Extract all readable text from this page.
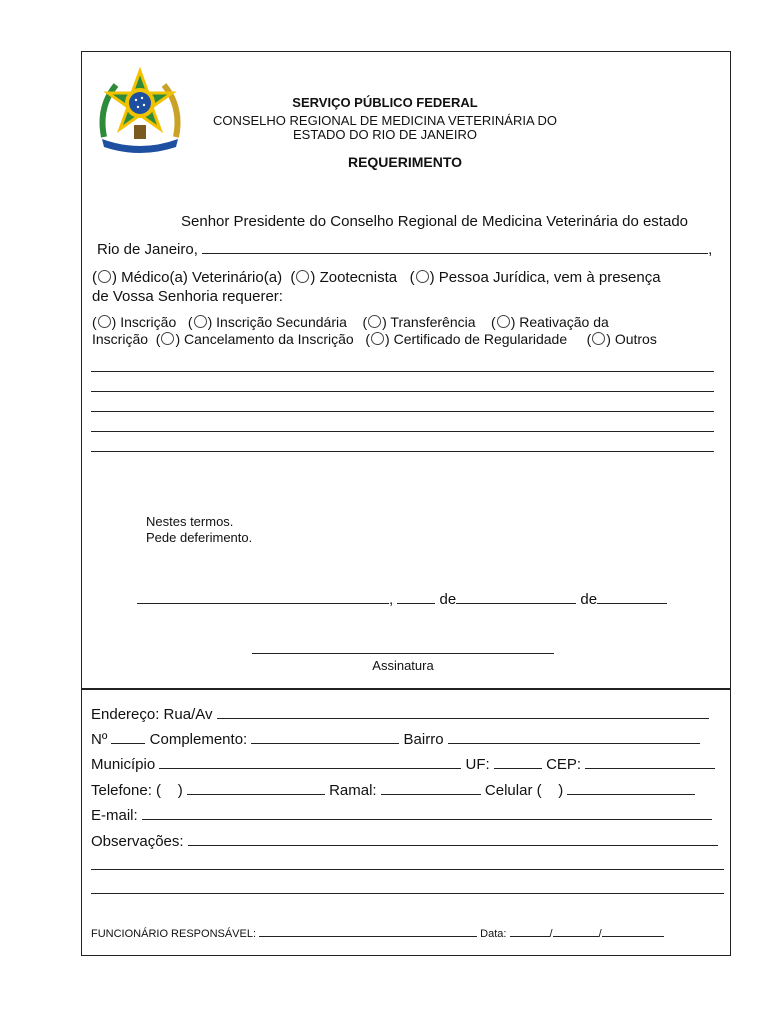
SERVIÇO PÚBLICO FEDERAL
CONSELHO REGIONAL DE MEDICINA VETERINÁRIA DO
ESTADO DO RIO DE JANEIRO
REQUERIMENTO
Senhor Presidente do Conselho Regional de Medicina Veterinária do estado
Rio de Janeiro,	,
( ) Médico(a) Veterinário(a)  ( ) Zootecnista   ( ) Pessoa Jurídica, vem à presença
de Vossa Senhoria requerer:
( ) Inscrição   ( ) Inscrição Secundária    ( ) Transferência    ( ) Reativação da
Inscrição  ( ) Cancelamento da Inscrição   ( ) Certificado de Regularidade     ( ) Outros
Nestes termos.
Pede deferimento.
,	de	de
Assinatura
Endereço: Rua/Av
Nº	Complemento:	Bairro
Município	UF:	CEP:
Telefone: ( )	Ramal:	Celular ( )
E-mail:
Observações:
FUNCIONÁRIO RESPONSÁVEL:	Data:	/	/
